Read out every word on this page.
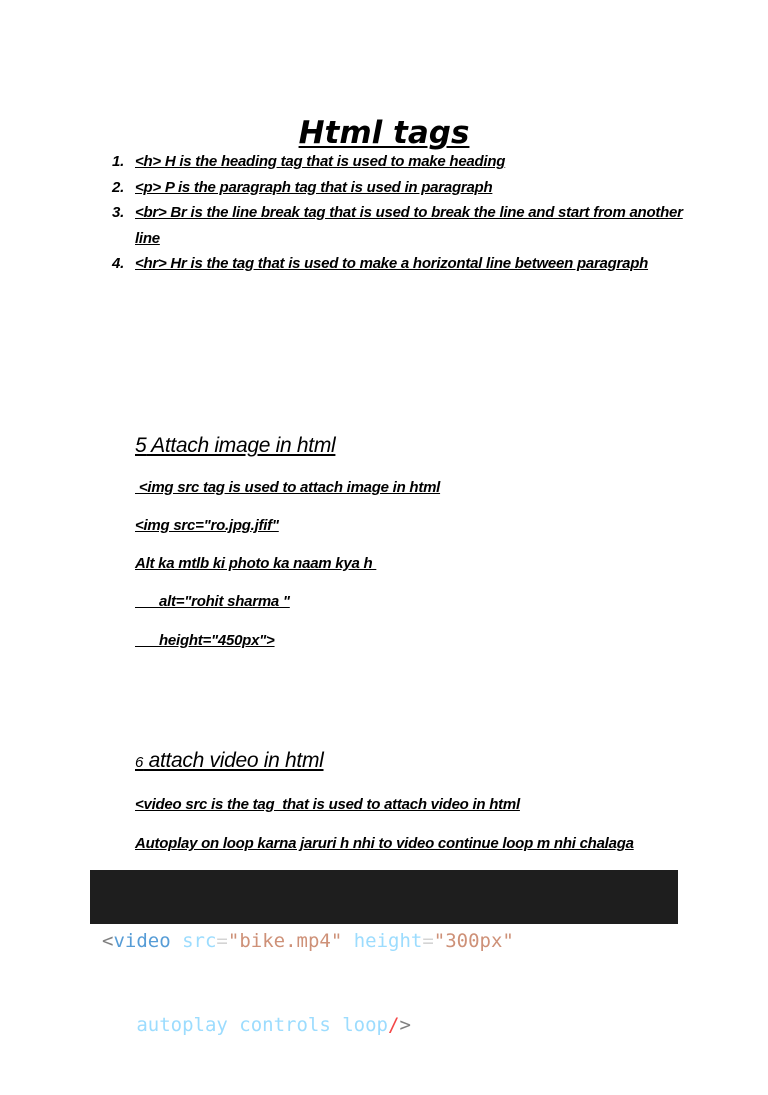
Html tags
1. <h> H is the heading tag that is used to make heading
2. <p> P is the paragraph tag that is used in paragraph
3. <br> Br is the line break tag that is used to break the line and start from another line
4. <hr> Hr is the tag that is used to make a horizontal line between paragraph
5 Attach image in html
<img src tag is used to attach image in html
<img src="ro.jpg.jfif"
Alt ka mtlb ki photo ka naam kya h
_ _alt="rohit sharma "
_ _height="450px">
6 attach video in html
<video src is the tag  that is used to attach video in html
Autoplay on loop karna jaruri h nhi to video continue loop m nhi chalaga

<video src="bike.mp4" height="300px"

autoplay controls loop/>
